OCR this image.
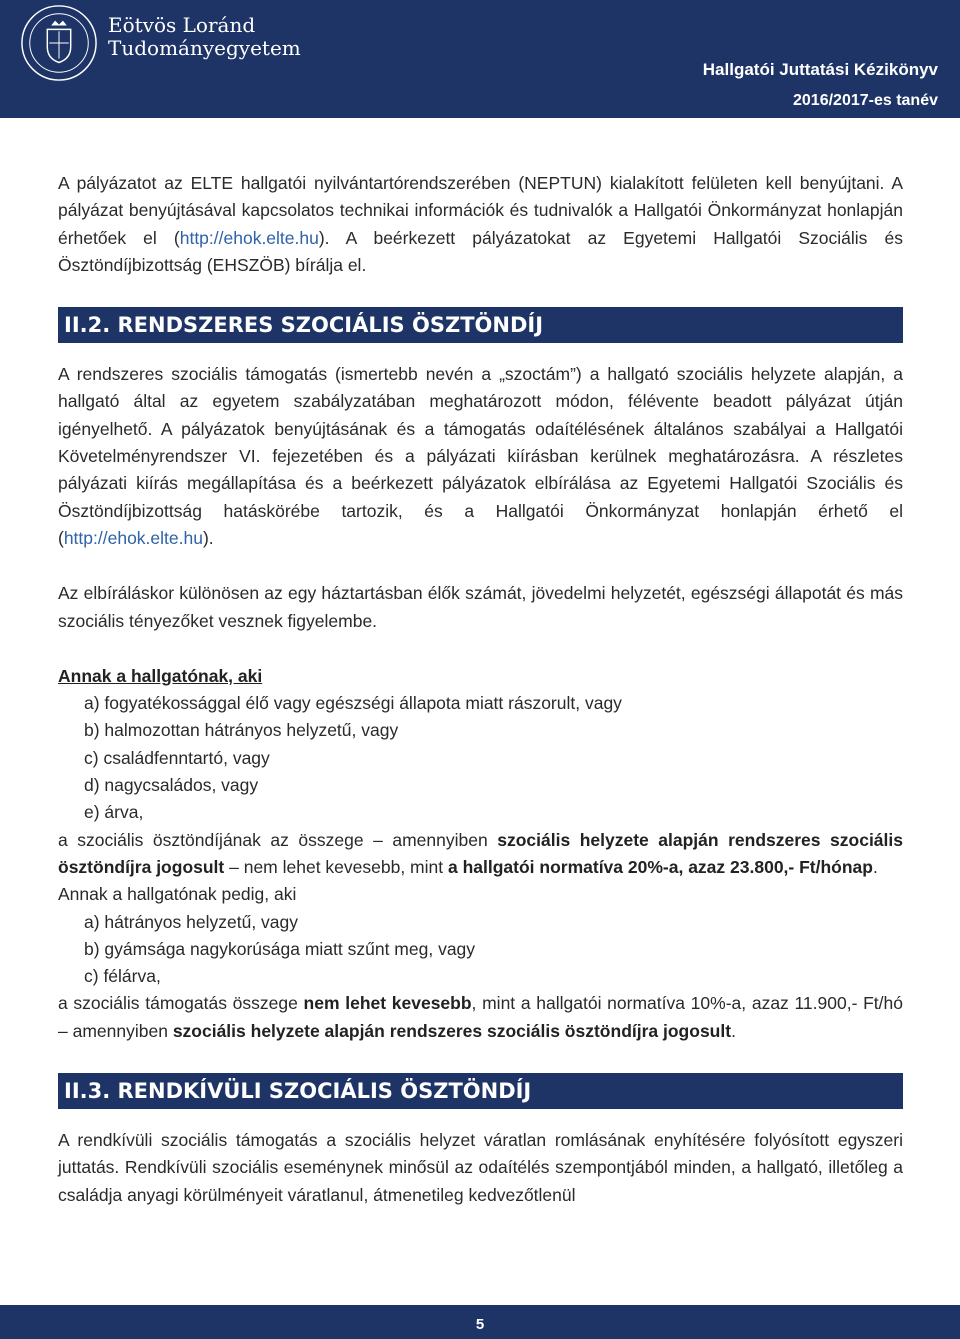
Eötvös Loránd
Tudományegyetem
Hallgatói Juttatási Kézikönyv
2016/2017-es tanév

A pályázatot az ELTE hallgatói nyilvántartórendszerében (NEPTUN) kialakított felületen kell benyújtani. A pályázat benyújtásával kapcsolatos technikai információk és tudnivalók a Hallgatói Önkormányzat honlapján érhetőek el (http://ehok.elte.hu). A beérkezett pályázatokat az Egyetemi Hallgatói Szociális és Ösztöndíjbizottság (EHSZÖB) bírálja el.

II.2. RENDSZERES SZOCIÁLIS ÖSZTÖNDÍJ

A rendszeres szociális támogatás (ismertebb nevén a „szoctám”) a hallgató szociális helyzete alapján, a hallgató által az egyetem szabályzatában meghatározott módon, félévente beadott pályázat útján igényelhető. A pályázatok benyújtásának és a támogatás odaítélésének általános szabályai a Hallgatói Követelményrendszer VI. fejezetében és a pályázati kiírásban kerülnek meghatározásra. A részletes pályázati kiírás megállapítása és a beérkezett pályázatok elbírálása az Egyetemi Hallgatói Szociális és Ösztöndíjbizottság hatáskörébe tartozik, és a Hallgatói Önkormányzat honlapján érhető el (http://ehok.elte.hu).

Az elbíráláskor különösen az egy háztartásban élők számát, jövedelmi helyzetét, egészségi állapotát és más szociális tényezőket vesznek figyelembe.

Annak a hallgatónak, aki

a) fogyatékossággal élő vagy egészségi állapota miatt rászorult, vagy
b) halmozottan hátrányos helyzetű, vagy
c) családfenntartó, vagy
d) nagycsaládos, vagy
e) árva,

a szociális ösztöndíjának az összege – amennyiben szociális helyzete alapján rendszeres szociális ösztöndíjra jogosult – nem lehet kevesebb, mint a hallgatói normatíva 20%-a, azaz 23.800,- Ft/hónap.

Annak a hallgatónak pedig, aki

a) hátrányos helyzetű, vagy
b) gyámsága nagykorúsága miatt szűnt meg, vagy
c) félárva,

a szociális támogatás összege nem lehet kevesebb, mint a hallgatói normatíva 10%-a, azaz 11.900,- Ft/hó – amennyiben szociális helyzete alapján rendszeres szociális ösztöndíjra jogosult.

II.3. RENDKÍVÜLI SZOCIÁLIS ÖSZTÖNDÍJ

A rendkívüli szociális támogatás a szociális helyzet váratlan romlásának enyhítésére folyósított egyszeri juttatás. Rendkívüli szociális eseménynek minősül az odaítélés szempontjából minden, a hallgató, illetőleg a családja anyagi körülményeit váratlanul, átmenetileg kedvezőtlenül

5
